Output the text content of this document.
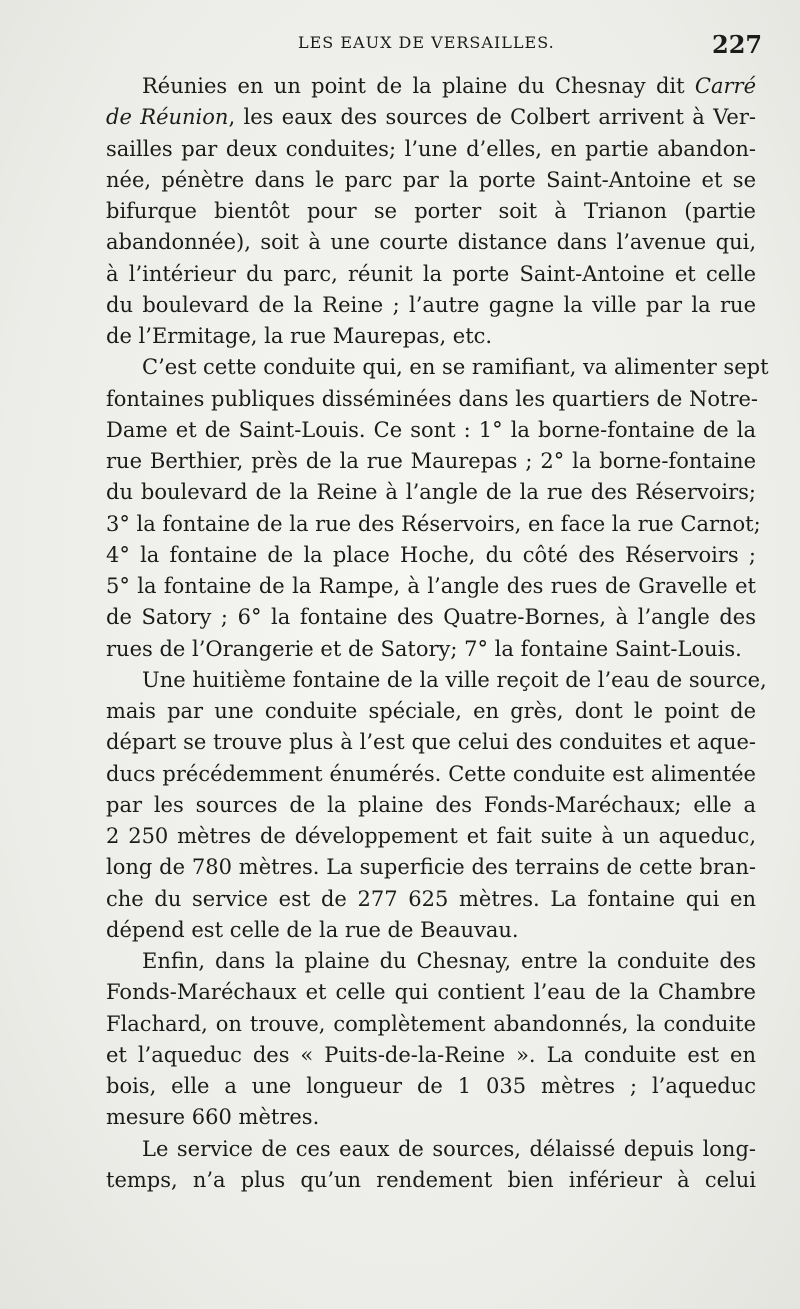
LES EAUX DE VERSAILLES.	227
Réunies en un point de la plaine du Chesnay dit Carré
de Réunion, les eaux des sources de Colbert arrivent à Ver-
sailles par deux conduites; l’une d’elles, en partie abandon-
née, pénètre dans le parc par la porte Saint-Antoine et se
bifurque bientôt pour se porter soit à Trianon (partie
abandonnée), soit à une courte distance dans l’avenue qui,
à l’intérieur du parc, réunit la porte Saint-Antoine et celle
du boulevard de la Reine ; l’autre gagne la ville par la rue
de l’Ermitage, la rue Maurepas, etc.
C’est cette conduite qui, en se ramifiant, va alimenter sept
fontaines publiques disséminées dans les quartiers de Notre-
Dame et de Saint-Louis. Ce sont : 1° la borne-fontaine de la
rue Berthier, près de la rue Maurepas ; 2° la borne-fontaine
du boulevard de la Reine à l’angle de la rue des Réservoirs;
3° la fontaine de la rue des Réservoirs, en face la rue Carnot;
4° la fontaine de la place Hoche, du côté des Réservoirs ;
5° la fontaine de la Rampe, à l’angle des rues de Gravelle et
de Satory ; 6° la fontaine des Quatre-Bornes, à l’angle des
rues de l’Orangerie et de Satory; 7° la fontaine Saint-Louis.
Une huitième fontaine de la ville reçoit de l’eau de source,
mais par une conduite spéciale, en grès, dont le point de
départ se trouve plus à l’est que celui des conduites et aque-
ducs précédemment énumérés. Cette conduite est alimentée
par les sources de la plaine des Fonds-Maréchaux; elle a
2 250 mètres de développement et fait suite à un aqueduc,
long de 780 mètres. La superficie des terrains de cette bran-
che du service est de 277 625 mètres. La fontaine qui en
dépend est celle de la rue de Beauvau.
Enfin, dans la plaine du Chesnay, entre la conduite des
Fonds-Maréchaux et celle qui contient l’eau de la Chambre
Flachard, on trouve, complètement abandonnés, la conduite
et l’aqueduc des « Puits-de-la-Reine ». La conduite est en
bois, elle a une longueur de 1 035 mètres ; l’aqueduc
mesure 660 mètres.
Le service de ces eaux de sources, délaissé depuis long-
temps, n’a plus qu’un rendement bien inférieur à celui
